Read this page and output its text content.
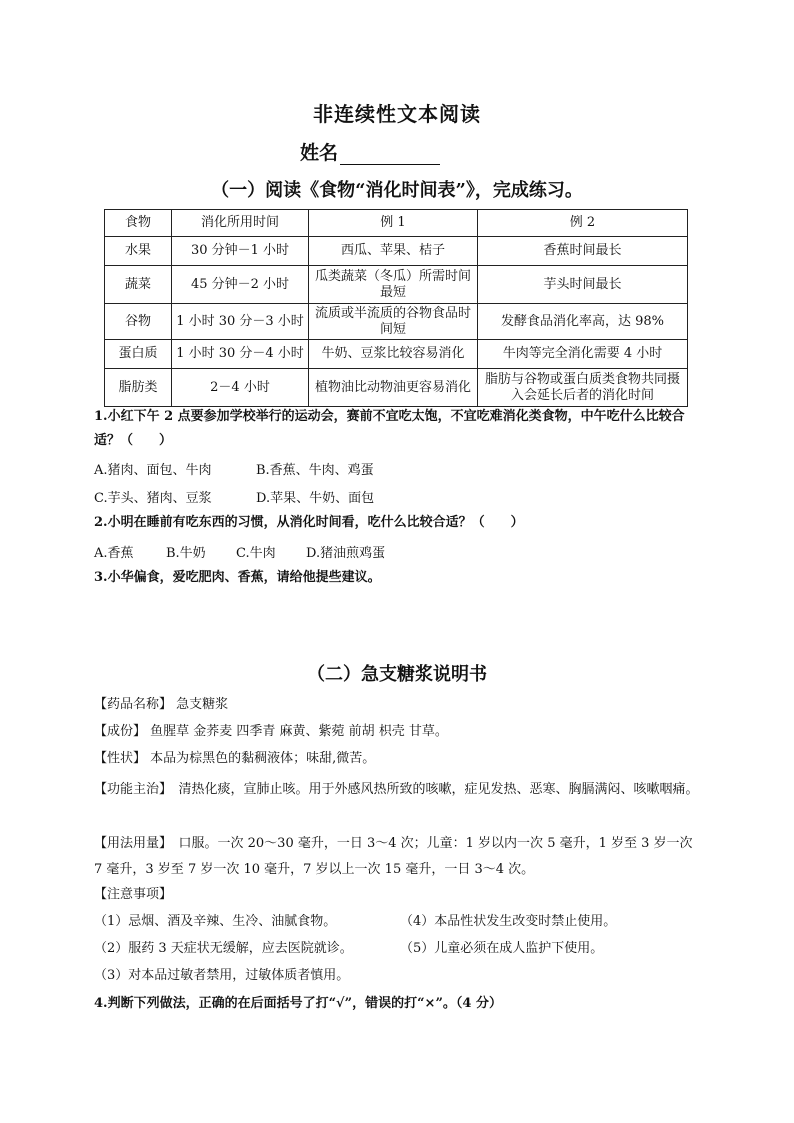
非连续性文本阅读
姓名
（一）阅读《食物“消化时间表”》，完成练习。
食物	消化所用时间	例 1	例 2
水果	30 分钟－1 小时	西瓜、苹果、桔子	香蕉时间最长
蔬菜	45 分钟－2 小时	瓜类蔬菜（冬瓜）所需时间最短	芋头时间最长
谷物	1 小时 30 分－3 小时	流质或半流质的谷物食品时间短	发酵食品消化率高，达 98%
蛋白质	1 小时 30 分－4 小时	牛奶、豆浆比较容易消化	牛肉等完全消化需要 4 小时
脂肪类	2－4 小时	植物油比动物油更容易消化	脂肪与谷物或蛋白质类食物共同摄入会延长后者的消化时间
1.小红下午 2 点要参加学校举行的运动会，赛前不宜吃太饱，不宜吃难消化类食物，中午吃什么比较合适？（　　）
A.猪肉、面包、牛肉	B.香蕉、牛肉、鸡蛋
C.芋头、猪肉、豆浆	D.苹果、牛奶、面包
2.小明在睡前有吃东西的习惯，从消化时间看，吃什么比较合适？（　　）
A.香蕉 B.牛奶 C.牛肉 D.猪油煎鸡蛋
3.小华偏食，爱吃肥肉、香蕉，请给他提些建议。
（二）急支糖浆说明书
【药品名称】 急支糖浆
【成份】 鱼腥草 金荞麦 四季青 麻黄、紫菀 前胡 枳壳 甘草。
【性状】 本品为棕黑色的黏稠液体；味甜,微苦。
【功能主治】　清热化痰，宣肺止咳。用于外感风热所致的咳嗽，症见发热、恶寒、胸膈满闷、咳嗽咽痛。
【用法用量】　口服。一次 20～30 毫升，一日 3～4 次；儿童：1 岁以内一次 5 毫升，1 岁至 3 岁一次 7 毫升，3 岁至 7 岁一次 10 毫升，7 岁以上一次 15 毫升，一日 3～4 次。
【注意事项】
（1）忌烟、酒及辛辣、生冷、油腻食物。	（4）本品性状发生改变时禁止使用。
（2）服药 3 天症状无缓解，应去医院就诊。	（5）儿童必须在成人监护下使用。
（3）对本品过敏者禁用，过敏体质者慎用。
4.判断下列做法，正确的在后面括号了打“√”，错误的打“×”。（4 分）
